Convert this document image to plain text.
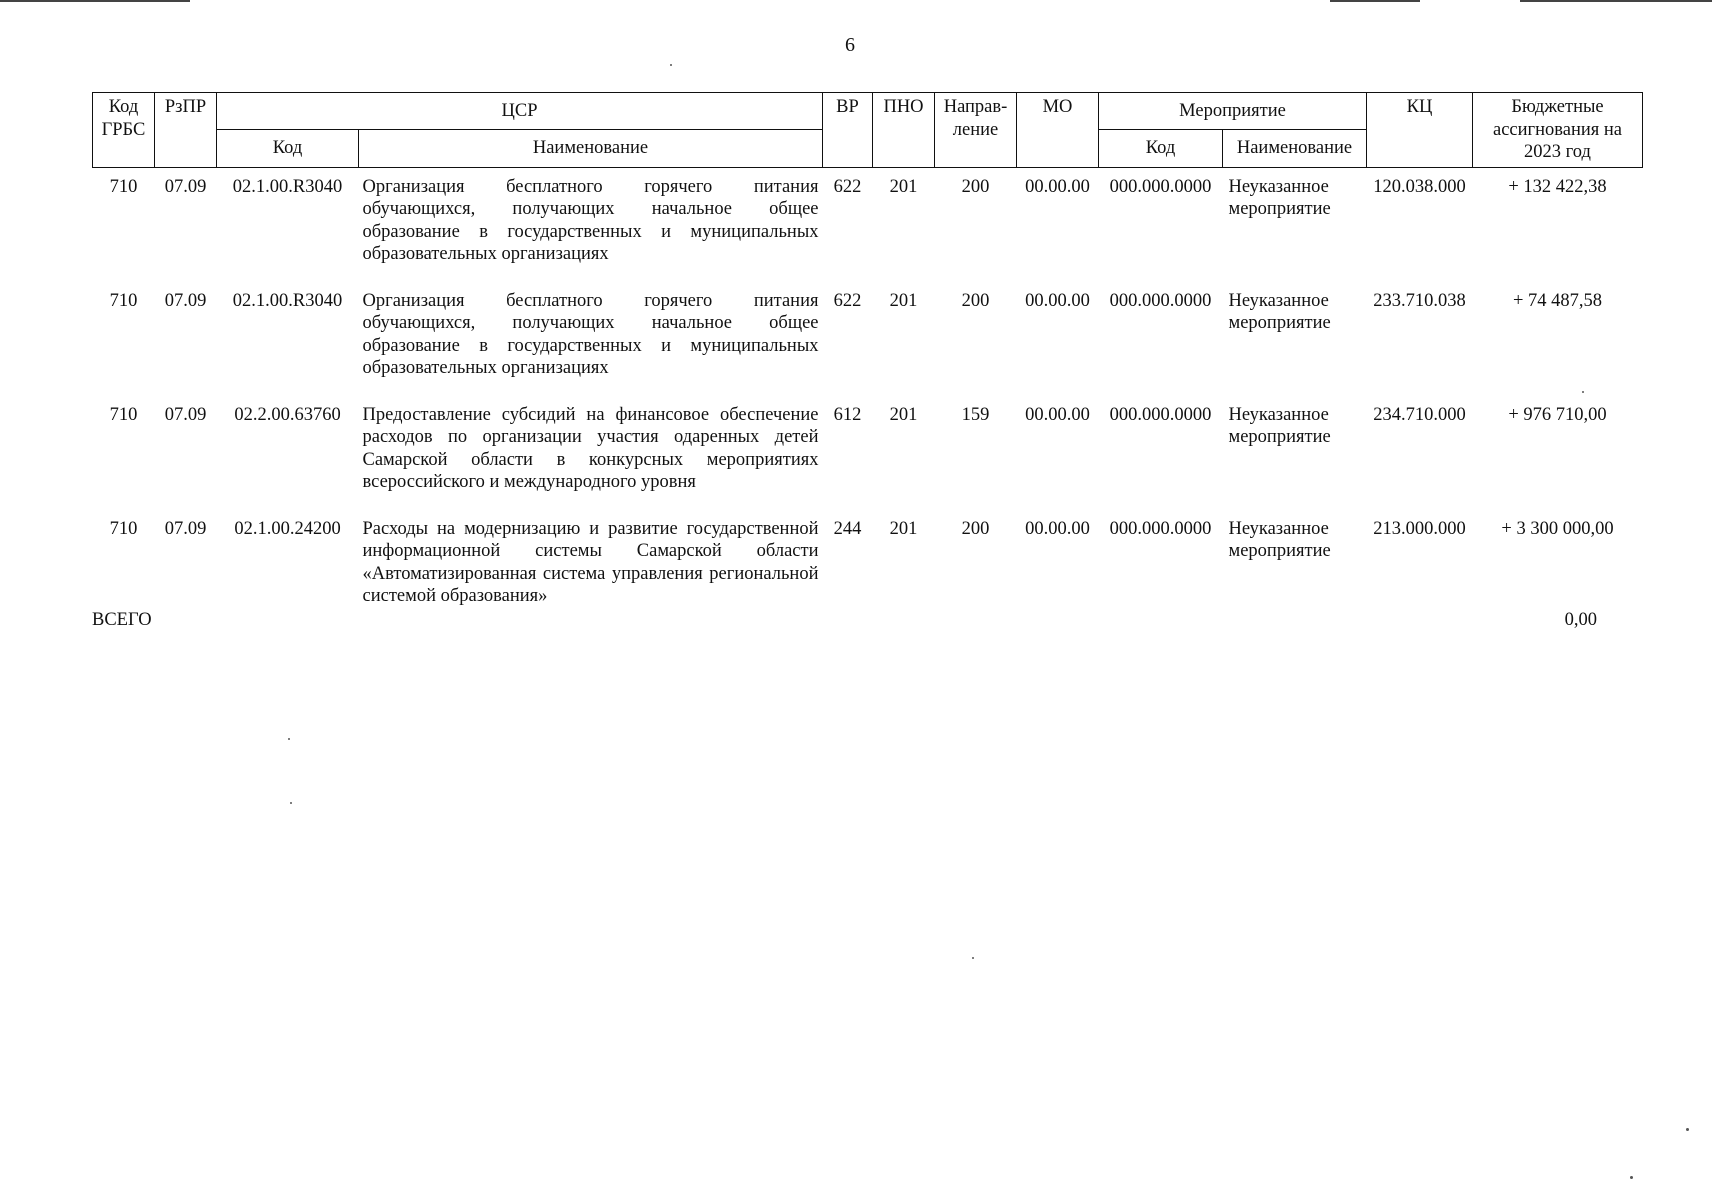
6
Код ГРБС	РзПР	ЦСР		ВР	ПНО	Направ-ление	МО	Мероприятие		КЦ	Бюджетные ассигнования на 2023 год
		Код	Наименование					Код	Наименование		
710	07.09	02.1.00.R3040	Организация бесплатного горячего питания обучающихся, получающих начальное общее образование в государственных и муниципальных образовательных организациях	622	201	200	00.00.00	000.000.0000	Неуказанное мероприятие	120.038.000	+ 132 422,38
710	07.09	02.1.00.R3040	Организация бесплатного горячего питания обучающихся, получающих начальное общее образование в государственных и муниципальных образовательных организациях	622	201	200	00.00.00	000.000.0000	Неуказанное мероприятие	233.710.038	+ 74 487,58
710	07.09	02.2.00.63760	Предоставление субсидий на финансовое обеспечение расходов по организации участия одаренных детей Самарской области в конкурсных мероприятиях всероссийского и международного уровня	612	201	159	00.00.00	000.000.0000	Неуказанное мероприятие	234.710.000	+ 976 710,00
710	07.09	02.1.00.24200	Расходы на модернизацию и развитие государственной информационной системы Самарской области «Автоматизированная система управления региональной системой образования»	244	201	200	00.00.00	000.000.0000	Неуказанное мероприятие	213.000.000	+ 3 300 000,00
ВСЕГО	0,00
